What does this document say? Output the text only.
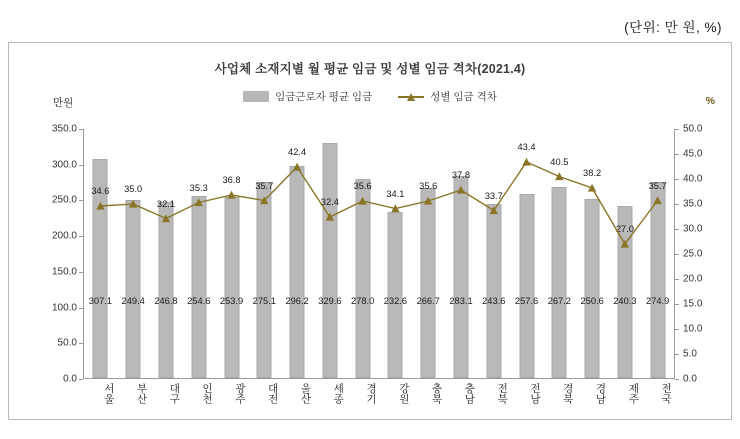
(단위: 만 원, %)
사업체 소재지별 월 평균 임금 및 성별 임금 격차(2021.4)
만원	%
임금근로자 평균 임금	성별 임금 격차
0.0
50.0
100.0
150.0
200.0
250.0
300.0
350.0
0.0
5.0
10.0
15.0
20.0
25.0
30.0
35.0
40.0
45.0
50.0
307.1
34.6
249.4
35.0
246.8
32.1
254.6
35.3
253.9
36.8
275.1
35.7
296.2
42.4
329.6
32.4
278.0
35.6
232.6
34.1
266.7
35.6
283.1
37.8
243.6
33.7
257.6
43.4
267.2
40.5
250.6
38.2
240.3
27.0
274.9
35.7
서울	부산	대구	인천	광주	대전	울산	세종	경기	강원	충북	충남	전북	전남	경북	경남	제주	전국
